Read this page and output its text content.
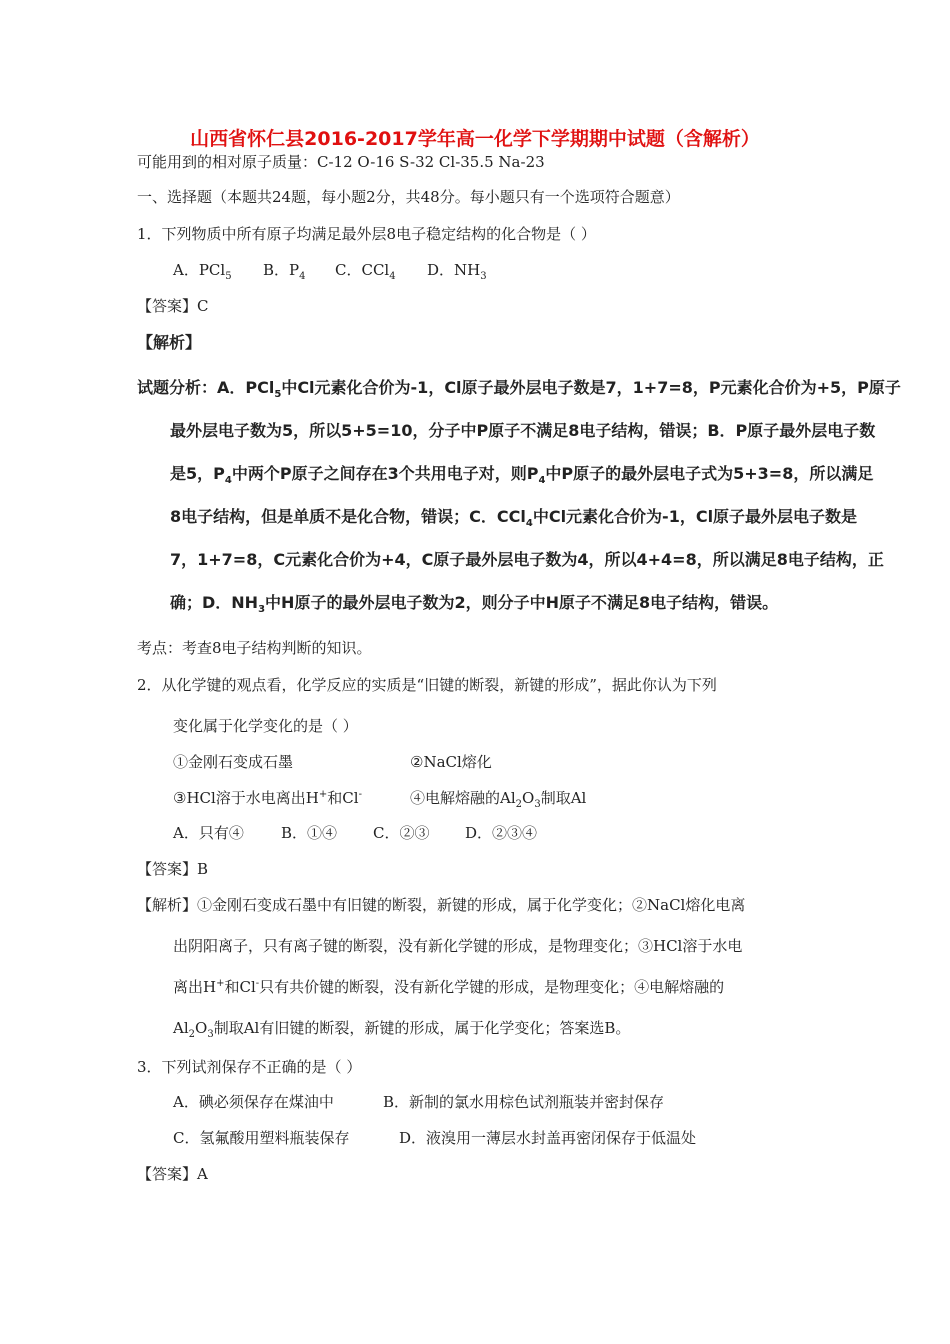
山西省怀仁县2016-2017学年高一化学下学期期中试题（含解析）
可能用到的相对原子质量：C-12 O-16 S-32 Cl-35.5 Na-23
一、选择题（本题共24题，每小题2分，共48分。每小题只有一个选项符合题意）
1．下列物质中所有原子均满足最外层8电子稳定结构的化合物是（ ）
A．PCl$_5$ B．$P_4$ C．CCl$_4$ D．$NH_3$
【答案】C
【解析】
试题分析：A．PCl$_5$中Cl元素化合价为-1，Cl原子最外层电子数是7，1+7=8，P元素化合价为+5，P原子
最外层电子数为5，所以5+5=10，分子中P原子不满足8电子结构，错误；B．P原子最外层电子数
是5，$P_4$中两个P原子之间存在3个共用电子对，则$P_4$中P原子的最外层电子式为5+3=8，所以满足
8电子结构，但是单质不是化合物，错误；C．CCl$_4$中Cl元素化合价为-1，Cl原子最外层电子数是
7，1+7=8，C元素化合价为+4，C原子最外层电子数为4，所以4+4=8，所以满足8电子结构，正
确；D．$NH_3$中H原子的最外层电子数为2，则分子中H原子不满足8电子结构，错误。
考点：考查8电子结构判断的知识。
2．从化学键的观点看，化学反应的实质是“旧键的断裂，新键的形成”，据此你认为下列
变化属于化学变化的是（ ）
①金刚石变成石墨	②NaCl熔化
③HCl溶于水电离出H+和Cl-	④电解熔融的$Al_2O_3$制取Al
A．只有④ B．①④ C．②③ D．②③④
【答案】B
【解析】①金刚石变成石墨中有旧键的断裂，新键的形成，属于化学变化；②NaCl熔化电离
出阴阳离子，只有离子键的断裂，没有新化学键的形成，是物理变化；③HCl溶于水电
离出H+和Cl-只有共价键的断裂，没有新化学键的形成，是物理变化；④电解熔融的
$Al_2O_3$制取Al有旧键的断裂，新键的形成，属于化学变化；答案选B。
3．下列试剂保存不正确的是（ ）
A．碘必须保存在煤油中	B．新制的氯水用棕色试剂瓶装并密封保存
C．氢氟酸用塑料瓶装保存	D．液溴用一薄层水封盖再密闭保存于低温处
【答案】A
